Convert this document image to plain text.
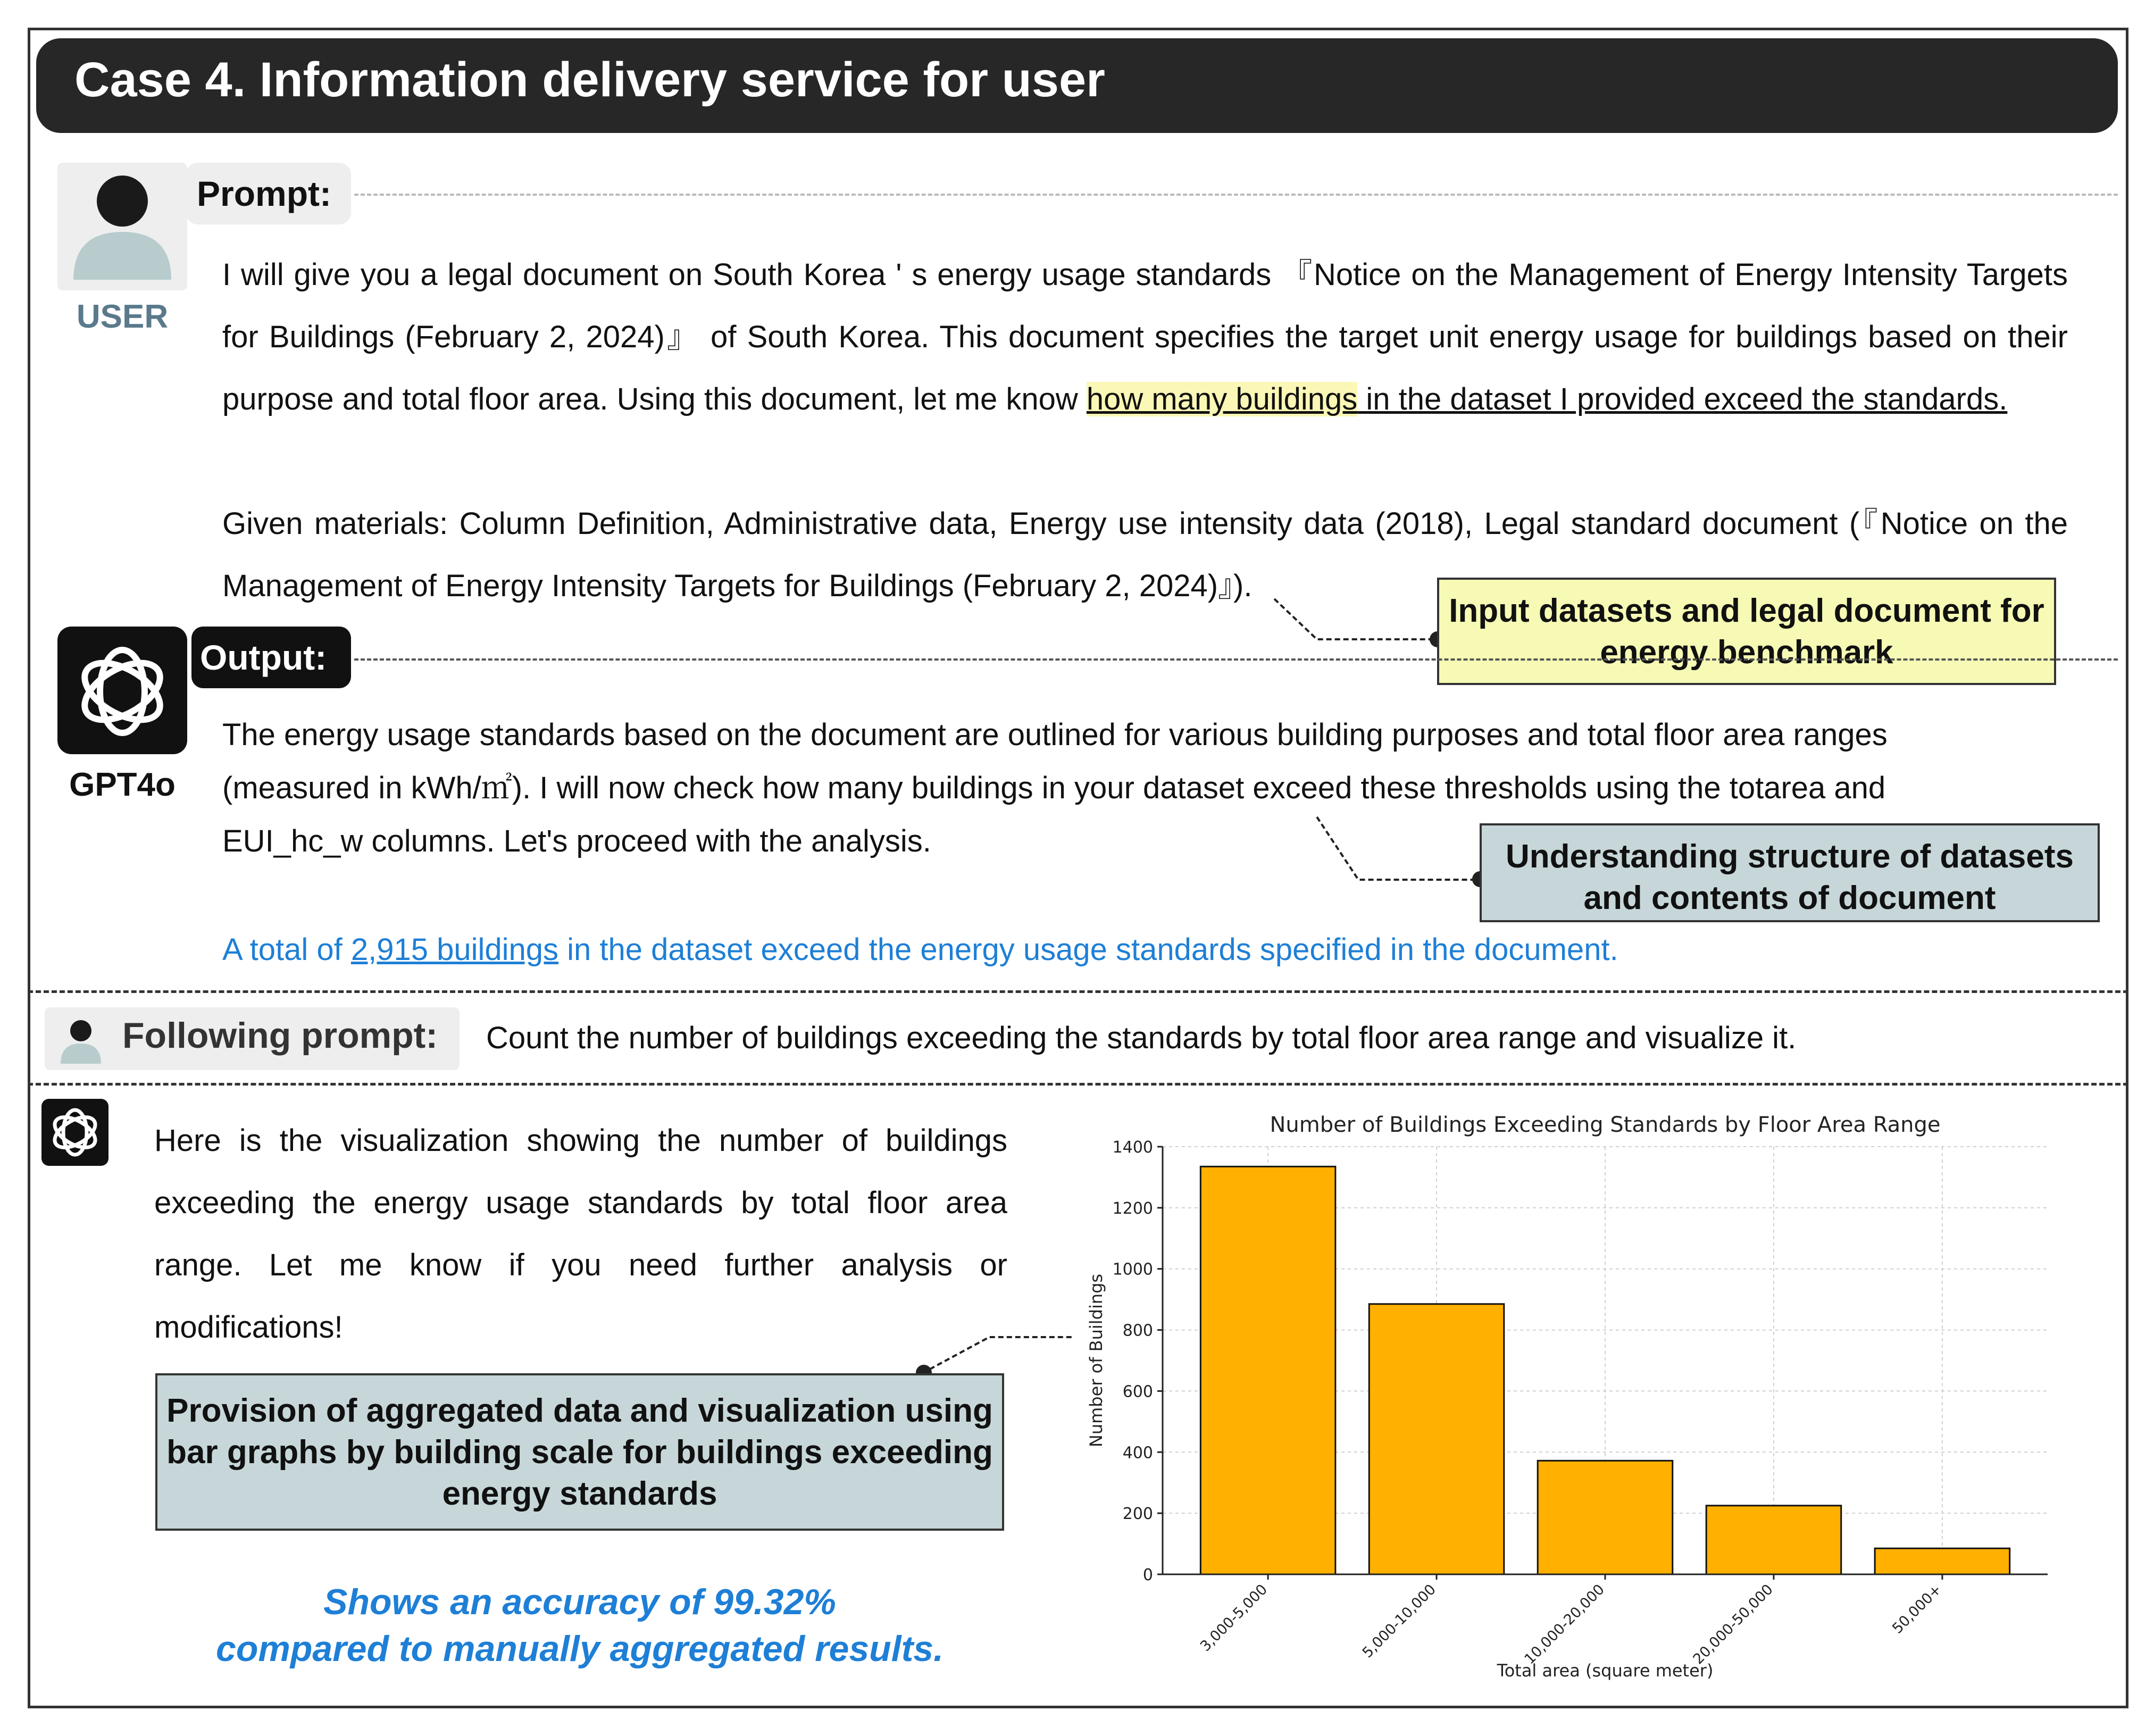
Case 4. Information delivery service for user
USER
Prompt:
I will give you a legal document on South Korea ' s energy usage standards 『Notice on the Management of Energy Intensity Targets for Buildings (February 2, 2024)』 of South Korea. This document specifies the target unit energy usage for buildings based on their purpose and total floor area. Using this document, let me know how many buildings in the dataset I provided exceed the standards.
Given materials: Column Definition, Administrative data, Energy use intensity data (2018), Legal standard document (『Notice on the Management of Energy Intensity Targets for Buildings (February 2, 2024)』).
Input datasets and legal document for energy benchmark
Output:
GPT4o
The energy usage standards based on the document are outlined for various building purposes and total floor area ranges (measured in kWh/㎡). I will now check how many buildings in your dataset exceed these thresholds using the totarea and EUI_hc_w columns. Let's proceed with the analysis.	Understanding structure of datasets and contents of document
A total of 2,915 buildings in the dataset exceed the energy usage standards specified in the document.
Following prompt: Count the number of buildings exceeding the standards by total floor area range and visualize it.
Here is the visualization showing the number of buildings exceeding the energy usage standards by total floor area range. Let me know if you need further analysis or modifications!
Provision of aggregated data and visualization using bar graphs by building scale for buildings exceeding energy standards
Shows an accuracy of 99.32%
compared to manually aggregated results.
Number of Buildings Exceeding Standards by Floor Area Range
0
200
400
600
800
1000
1200
1400
3,000-5,000	5,000-10,000	10,000-20,000	20,000-50,000	50,000+
Total area (square meter)
Number of Buildings
